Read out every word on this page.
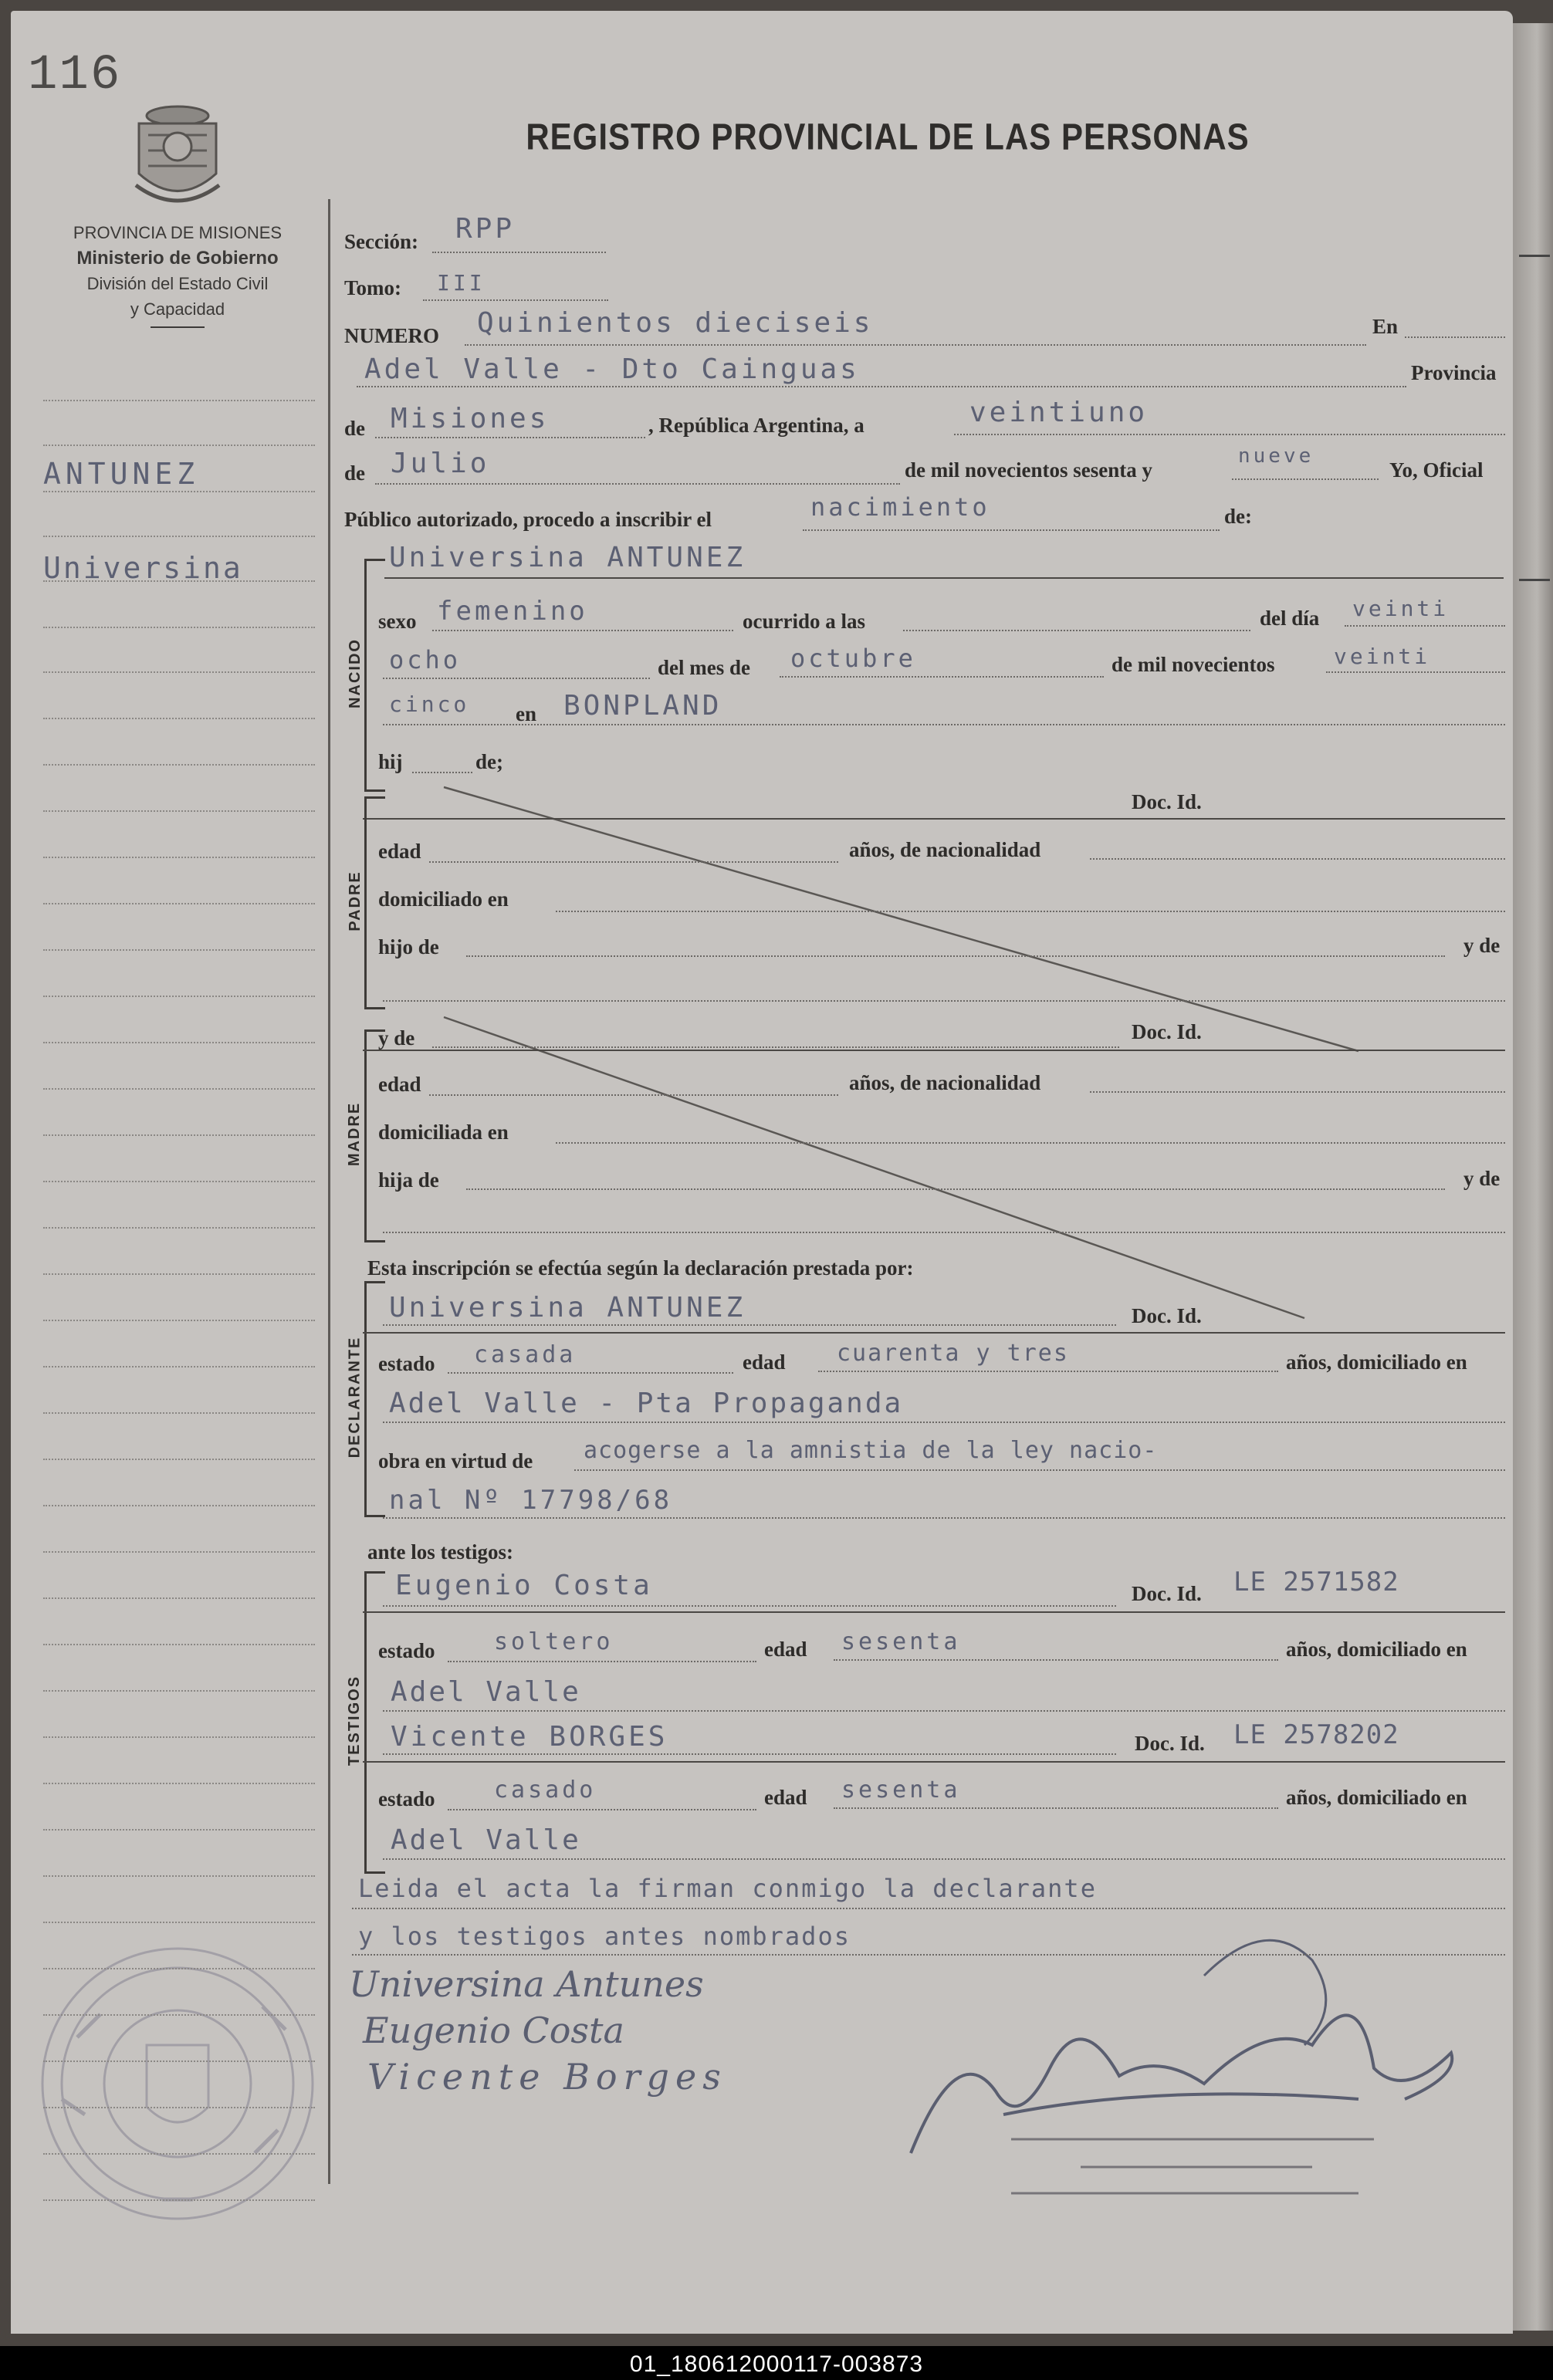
116
PROVINCIA DE MISIONES
Ministerio de Gobierno
División del Estado Civil
y Capacidad
REGISTRO PROVINCIAL DE LAS PERSONAS
ANTUNEZ
Universina
Sección: RPP
Tomo: III
NUMERO Quinientos dieciseis	En
Adel Valle - Dto Cainguas	Provincia
de Misiones	, República Argentina, a	veintiuno
de Julio	de mil novecientos sesenta y
nueve
Yo, Oficial
Público autorizado, procedo a inscribir el	nacimiento	de:
NACIDO
Universina ANTUNEZ
sexo femenino	ocurrido a las	del día veinti
ocho	del mes de octubre	de mil novecientos	veinti
cinco en BONPLAND
hij	de;
Doc. Id.
PADRE
edad	años, de nacionalidad
domiciliado en
hijo de	y de
MADRE
y de	Doc. Id.
edad	años, de nacionalidad
domiciliada en
hija de	y de
Esta inscripción se efectúa según la declaración prestada por:
DECLARANTE
Universina ANTUNEZ	Doc. Id.
estado casada	edad cuarenta y tres	años, domiciliado en
Adel Valle - Pta Propaganda
obra en virtud de acogerse a la amnistia de la ley nacio-
nal Nº 17798/68
ante los testigos:
TESTIGOS
Eugenio Costa	Doc. Id. LE 2571582
estado	soltero	edad sesenta	años, domiciliado en
Adel Valle
Vicente BORGES	Doc. Id. LE 2578202
estado	casado	edad sesenta	años, domiciliado en
Adel Valle
Leida el acta la firman conmigo la declarante
y los testigos antes nombrados
Universina Antunes
Eugenio Costa
Vicente Borges
01_180612000117-003873
